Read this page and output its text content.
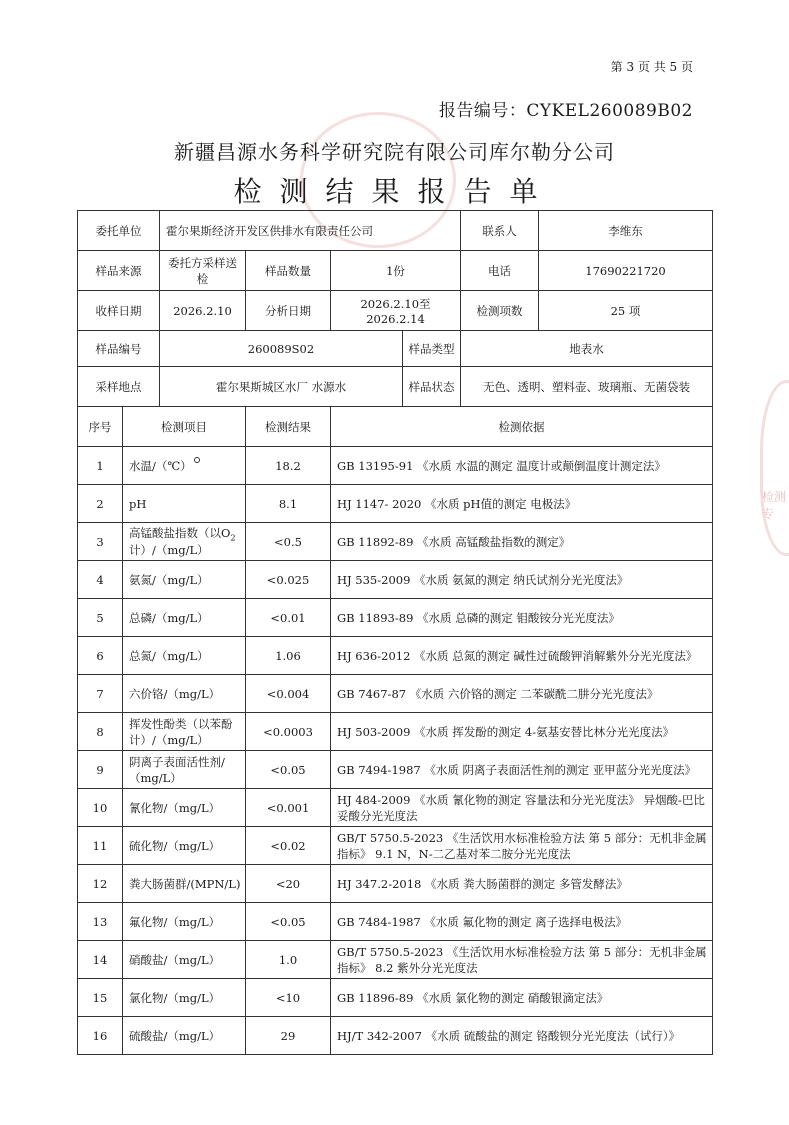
第 3 页 共 5 页
报告编号：CYKEL260089B02
新疆昌源水务科学研究院有限公司库尔勒分公司
检测结果报告单
检测专
委托单位		霍尔果斯经济开发区供排水有限责任公司				联系人	李维东
样品来源		委托方采样送检	样品数量	1份		电话	17690221720
收样日期		2026.2.10	分析日期	2026.2.10至2026.2.14		检测项数	25 项
样品编号		260089S02			样品类型	地表水	
采样地点		霍尔果斯城区水厂 水源水			样品状态	无色、透明、塑料壶、玻璃瓶、无菌袋装	
序号	检测项目		检测结果	检测依据			
1	水温/（℃）		18.2	GB 13195-91 《水质 水温的测定 温度计或颠倒温度计测定法》			
2	pH		8.1	HJ 1147- 2020 《水质 pH值的测定 电极法》			
3	高锰酸盐指数（以$O_2$计）/（mg/L）		<0.5	GB 11892-89 《水质 高锰酸盐指数的测定》			
4	氨氮/（mg/L）		<0.025	HJ 535-2009 《水质 氨氮的测定 纳氏试剂分光光度法》			
5	总磷/（mg/L）		<0.01	GB 11893-89 《水质 总磷的测定 钼酸铵分光光度法》			
6	总氮/（mg/L）		1.06	HJ 636-2012 《水质 总氮的测定 碱性过硫酸钾消解紫外分光光度法》			
7	六价铬/（mg/L）		<0.004	GB 7467-87 《水质 六价铬的测定 二苯碳酰二肼分光光度法》			
8	挥发性酚类（以苯酚计）/（mg/L）		<0.0003	HJ 503-2009 《水质 挥发酚的测定 4-氨基安替比林分光光度法》			
9	阴离子表面活性剂/（mg/L）		<0.05	GB 7494-1987 《水质 阴离子表面活性剂的测定 亚甲蓝分光光度法》			
10	氰化物/（mg/L）		<0.001	HJ 484-2009 《水质 氰化物的测定 容量法和分光光度法》 异烟酸-巴比妥酸分光光度法			
11	硫化物/（mg/L）		<0.02	GB/T 5750.5-2023 《生活饮用水标准检验方法 第 5 部分：无机非金属指标》 9.1 N，N-二乙基对苯二胺分光光度法			
12	粪大肠菌群/(MPN/L)		<20	HJ 347.2-2018 《水质 粪大肠菌群的测定 多管发酵法》			
13	氟化物/（mg/L）		<0.05	GB 7484-1987 《水质 氟化物的测定 离子选择电极法》			
14	硝酸盐/（mg/L）		1.0	GB/T 5750.5-2023 《生活饮用水标准检验方法 第 5 部分：无机非金属指标》 8.2 紫外分光光度法			
15	氯化物/（mg/L）		<10	GB 11896-89 《水质 氯化物的测定 硝酸银滴定法》			
16	硫酸盐/（mg/L）		29	HJ/T 342-2007 《水质 硫酸盐的测定 铬酸钡分光光度法（试行）》			
